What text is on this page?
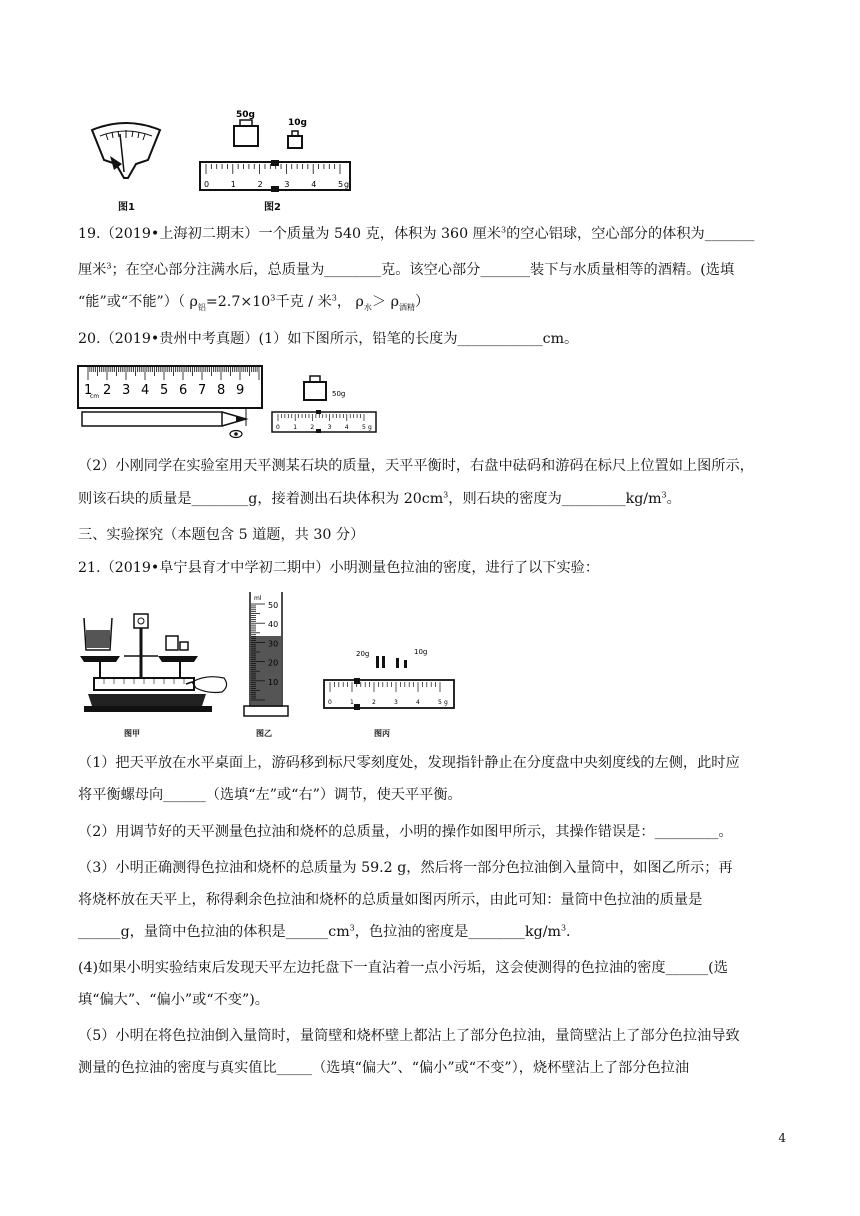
图1
50g
10g
0	1	2	3	4	5 g
图2
19.（2019•上海初二期末）一个质量为 540 克，体积为 360 厘米$^3$的空心铝球，空心部分的体积为_______
厘米$^3$；在空心部分注满水后，总质量为________克。该空心部分_______装下与水质量相等的酒精。(选填
“能”或“不能”）（ $\rho_铝=2.7\times 10^3$千克 / 米$^3$， $\rho_水> \rho_{酒精}$）
20.（2019•贵州中考真题）(1）如下图所示，铅笔的长度为____________cm。
1 2 3 4 5 6 7 8 9
cm	50g
0 1 2 3 4 5 g
（2）小刚同学在实验室用天平测某石块的质量，天平平衡时，右盘中砝码和游码在标尺上位置如上图所示，
则该石块的质量是________g，接着测出石块体积为 $20cm^3$，则石块的密度为$\_\_\_\_\_\_\_\_\_kg/m^3$。
三、实验探究（本题包含 5 道题，共 30 分）
21.（2019•阜宁县育才中学初二期中）小明测量色拉油的密度，进行了以下实验：
图甲
ml
50
40
30
20
10
图乙
20g	10g
0	1	2	3	4	5 g
图丙
（1）把天平放在水平桌面上，游码移到标尺零刻度处，发现指针静止在分度盘中央刻度线的左侧，此时应
将平衡螺母向______（选填“左”或“右”）调节，使天平平衡。
（2）用调节好的天平测量色拉油和烧杯的总质量，小明的操作如图甲所示，其操作错误是：_________。
（3）小明正确测得色拉油和烧杯的总质量为 59.2 g，然后将一部分色拉油倒入量筒中，如图乙所示；再
将烧杯放在天平上，称得剩余色拉油和烧杯的总质量如图丙所示，由此可知：量筒中色拉油的质量是
______g，量筒中色拉油的体积是$\_\_\_\_\_\_cm^3$，色拉油的密度是$\_\_\_\_\_\_\_\_kg/m^3$.
(4)如果小明实验结束后发现天平左边托盘下一直沾着一点小污垢，这会使测得的色拉油的密度______(选
填“偏大”、“偏小”或“不变”)。
（5）小明在将色拉油倒入量筒时，量筒壁和烧杯壁上都沾上了部分色拉油，量筒壁沾上了部分色拉油导致
测量的色拉油的密度与真实值比_____（选填“偏大”、“偏小”或“不变”），烧杯壁沾上了部分色拉油
4
